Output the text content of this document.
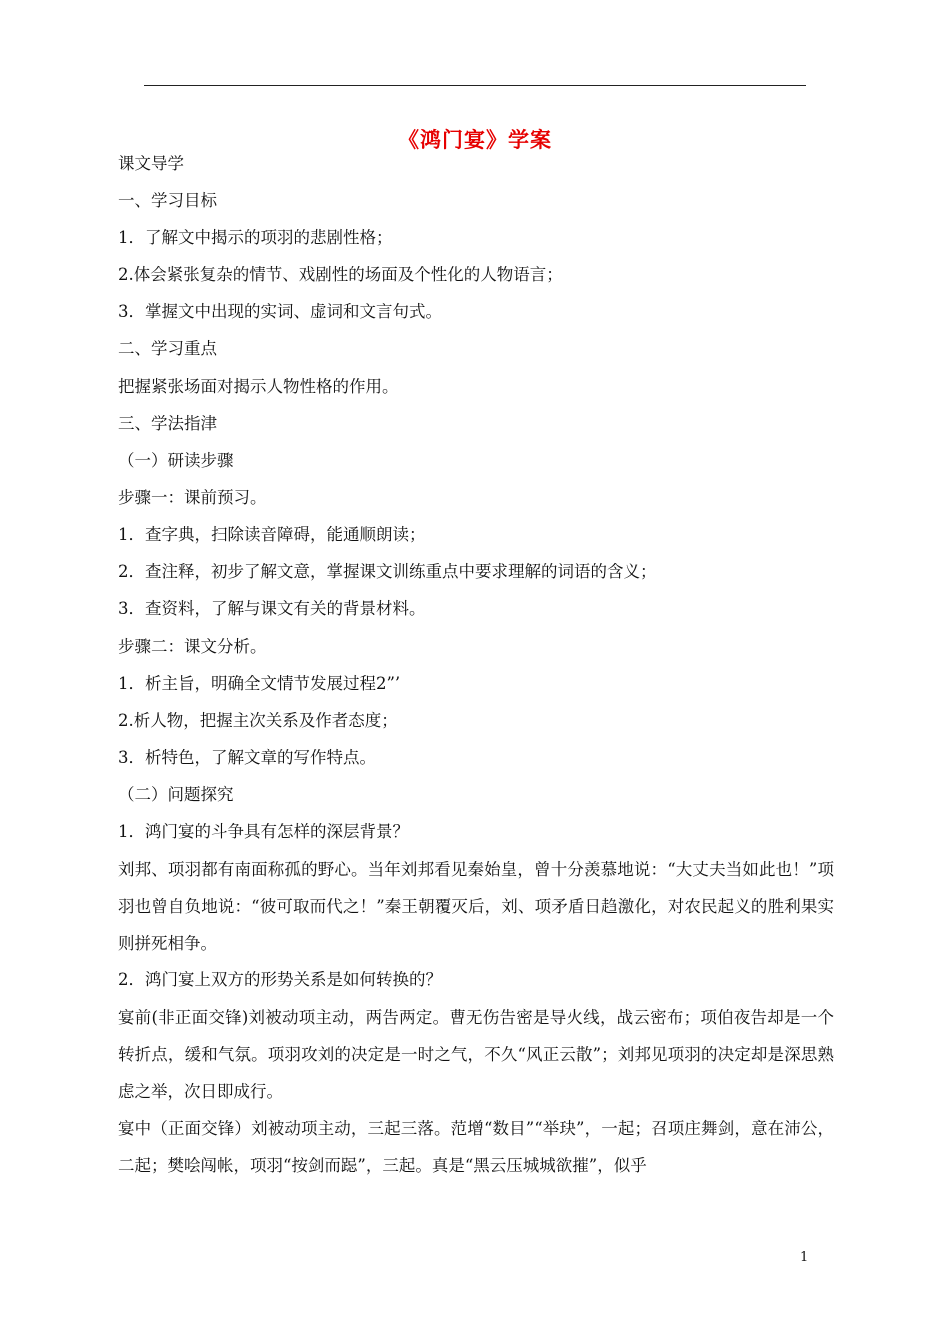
《鸿门宴》学案
课文导学
一、学习目标
1．了解文中揭示的项羽的悲剧性格；
2.体会紧张复杂的情节、戏剧性的场面及个性化的人物语言；
3．掌握文中出现的实词、虚词和文言句式。
二、学习重点
把握紧张场面对揭示人物性格的作用。
三、学法指津
（一）研读步骤
步骤一：课前预习。
1．查字典，扫除读音障碍，能通顺朗读；
2．查注释，初步了解文意，掌握课文训练重点中要求理解的词语的含义；
3．查资料，了解与课文有关的背景材料。
步骤二：课文分析。
1．析主旨，明确全文情节发展过程2”’
2.析人物，把握主次关系及作者态度；
3．析特色，了解文章的写作特点。
（二）问题探究
1．鸿门宴的斗争具有怎样的深层背景？
刘邦、项羽都有南面称孤的野心。当年刘邦看见秦始皇，曾十分羡慕地说：“大丈夫当如此也！”项羽也曾自负地说：“彼可取而代之！”秦王朝覆灭后，刘、项矛盾日趋激化，对农民起义的胜利果实则拼死相争。
2．鸿门宴上双方的形势关系是如何转换的？
宴前(非正面交锋)刘被动项主动，两告两定。曹无伤告密是导火线，战云密布；项伯夜告却是一个转折点，缓和气氛。项羽攻刘的决定是一时之气，不久“风正云散”；刘邦见项羽的决定却是深思熟虑之举，次日即成行。
宴中（正面交锋）刘被动项主动，三起三落。范增“数目”“举玦”，一起；召项庄舞剑，意在沛公，二起；樊哙闯帐，项羽“按剑而跽”，三起。真是“黑云压城城欲摧”，似乎
1
